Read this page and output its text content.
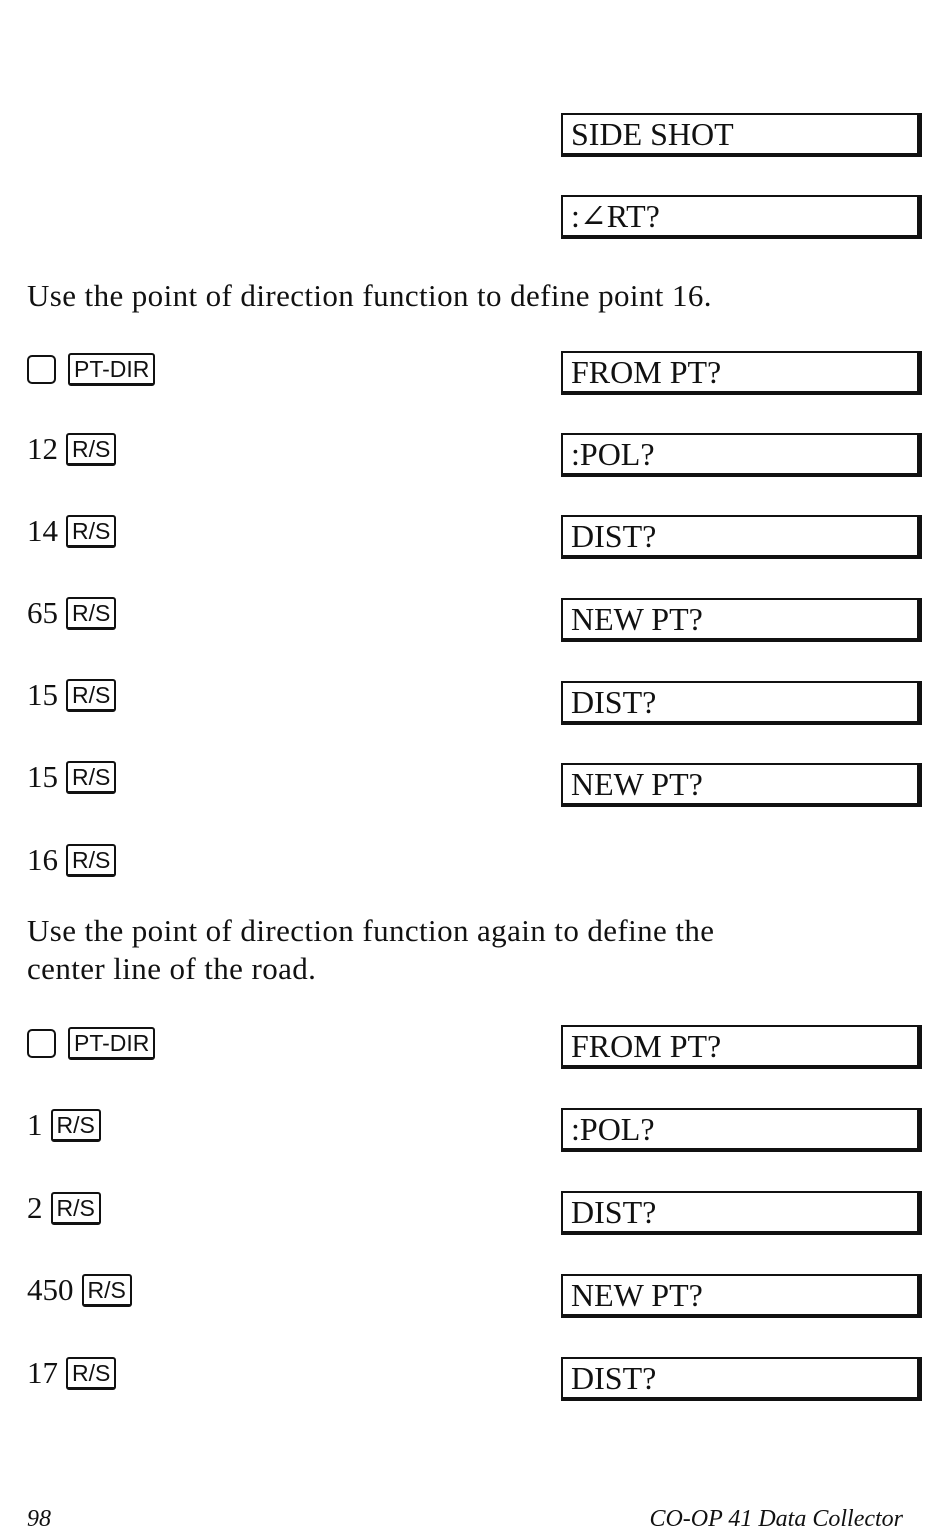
SIDE SHOT
:∠RT?
Use the point of direction function to define point 16.
PT-DIR	FROM PT?
12 R/S	:POL?
14 R/S	DIST?
65 R/S	NEW PT?
15 R/S	DIST?
15 R/S	NEW PT?
16 R/S
Use the point of direction function again to define the
center line of the road.
PT-DIR	FROM PT?
1 R/S	:POL?
2 R/S	DIST?
450 R/S	NEW PT?
17 R/S	DIST?
98	CO-OP 41 Data Collector
